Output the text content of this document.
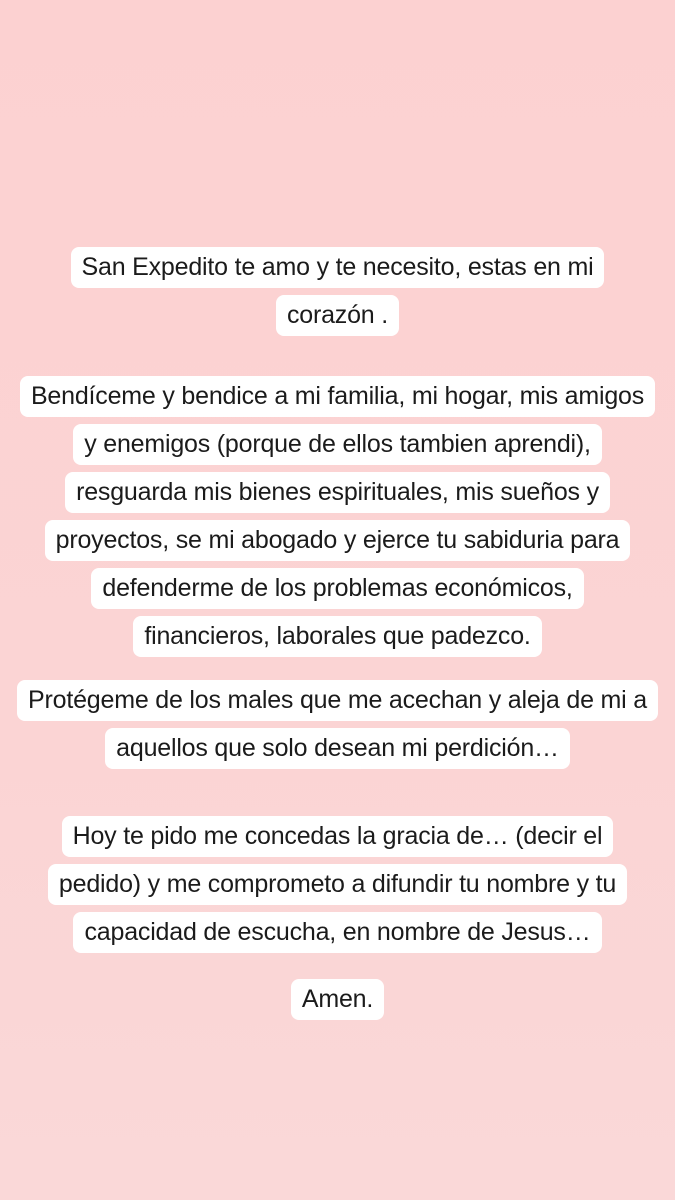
San Expedito te amo y te necesito, estas en mi
corazón .
Bendíceme y bendice a mi familia, mi hogar, mis amigos
y enemigos (porque de ellos tambien aprendi),
resguarda mis bienes espirituales, mis sueños y
proyectos, se mi abogado y ejerce tu sabiduria para
defenderme de los problemas económicos,
financieros, laborales que padezco.
Protégeme de los males que me acechan y aleja de mi a
aquellos que solo desean mi perdición…
Hoy te pido me concedas la gracia de… (decir el
pedido) y me comprometo a difundir tu nombre y tu
capacidad de escucha, en nombre de Jesus…
Amen.
